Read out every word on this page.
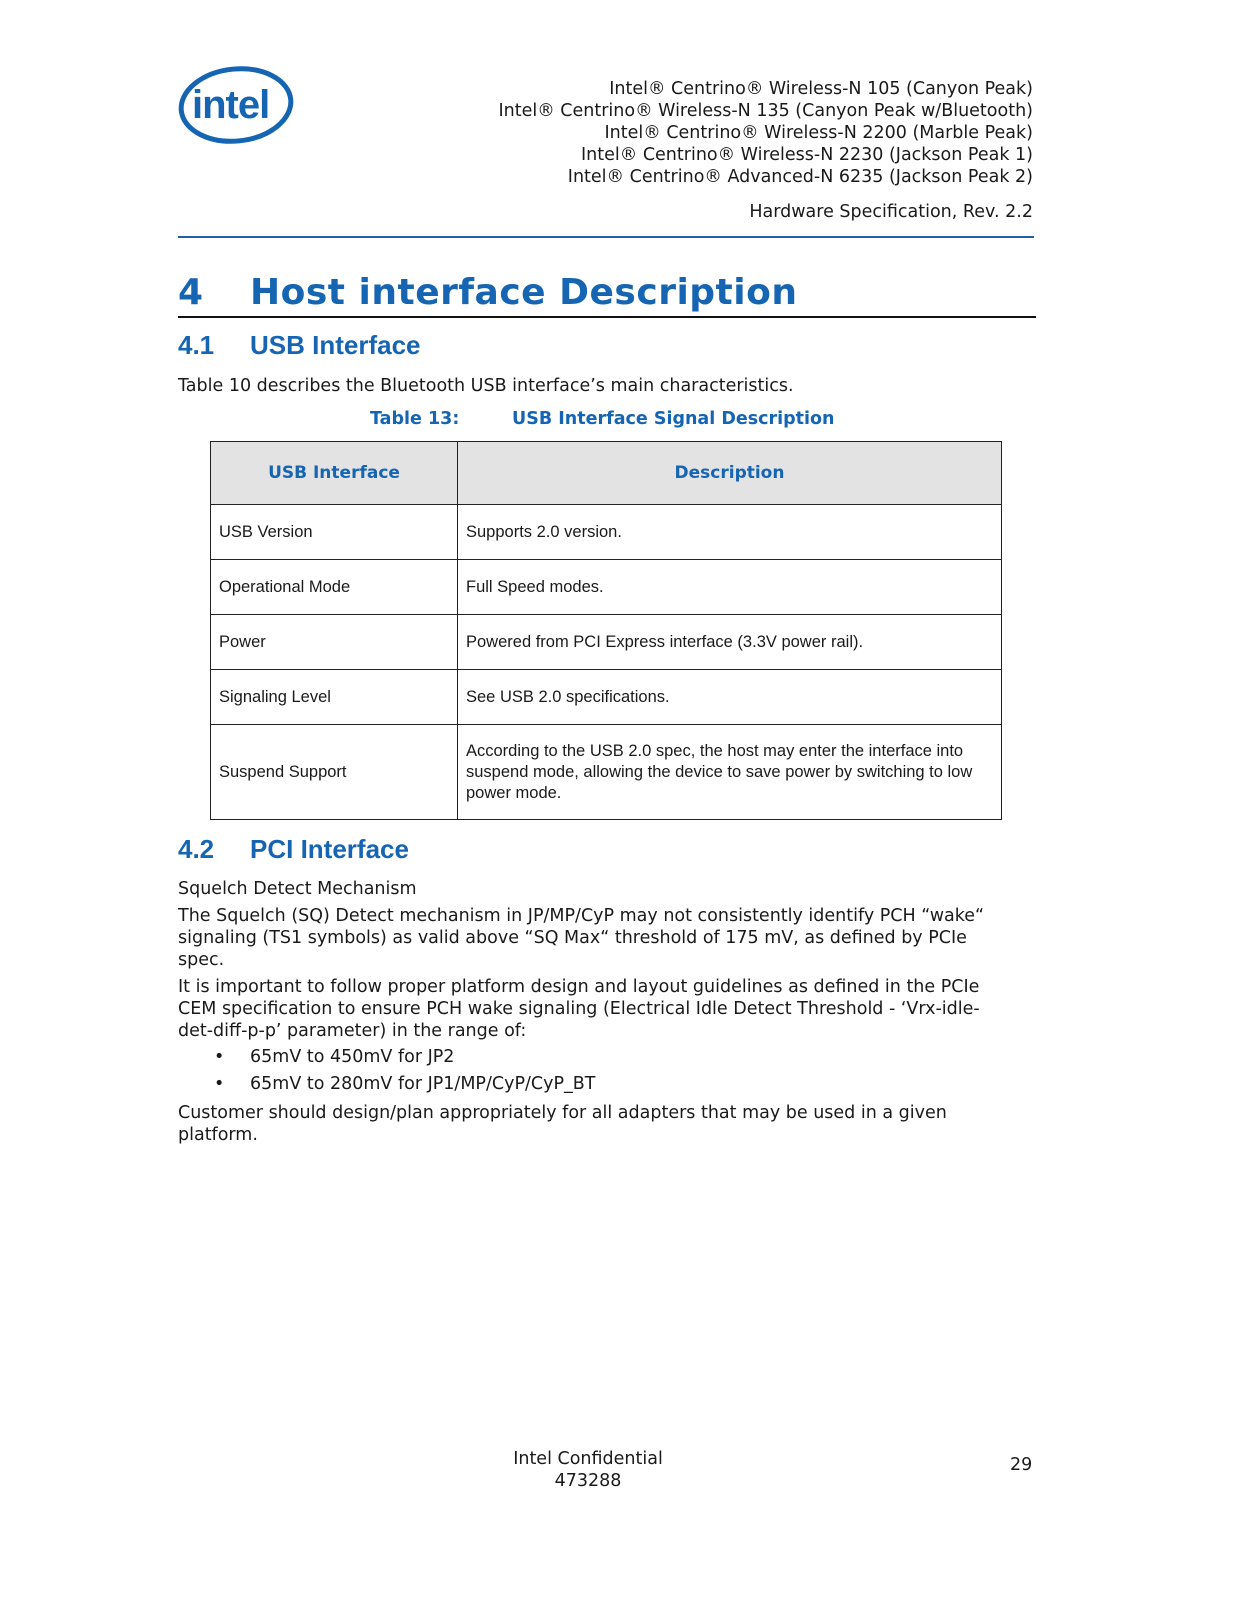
intel	Intel® Centrino® Wireless-N 105 (Canyon Peak)
Intel® Centrino® Wireless-N 135 (Canyon Peak w/Bluetooth)
Intel® Centrino® Wireless-N 2200 (Marble Peak)
Intel® Centrino® Wireless-N 2230 (Jackson Peak 1)
Intel® Centrino® Advanced-N 6235 (Jackson Peak 2)
Hardware Specification, Rev. 2.2
4 Host interface Description
4.1 USB Interface
Table 10 describes the Bluetooth USB interface’s main characteristics.
Table 13:	USB Interface Signal Description
USB Interface	Description
USB Version	Supports 2.0 version.
Operational Mode	Full Speed modes.
Power	Powered from PCI Express interface (3.3V power rail).
Signaling Level	See USB 2.0 specifications.
Suspend Support	According to the USB 2.0 spec, the host may enter the interface into suspend mode, allowing the device to save power by switching to low power mode.
4.2 PCI Interface
Squelch Detect Mechanism
The Squelch (SQ) Detect mechanism in JP/MP/CyP may not consistently identify PCH “wake“ signaling (TS1 symbols) as valid above “SQ Max“ threshold of 175 mV, as defined by PCIe spec.
It is important to follow proper platform design and layout guidelines as defined in the PCIe CEM specification to ensure PCH wake signaling (Electrical Idle Detect Threshold - ‘Vrx-idle-det-diff-p-p’ parameter) in the range of:
• 65mV to 450mV for JP2
• 65mV to 280mV for JP1/MP/CyP/CyP_BT
Customer should design/plan appropriately for all adapters that may be used in a given platform.
Intel Confidential
473288
29
